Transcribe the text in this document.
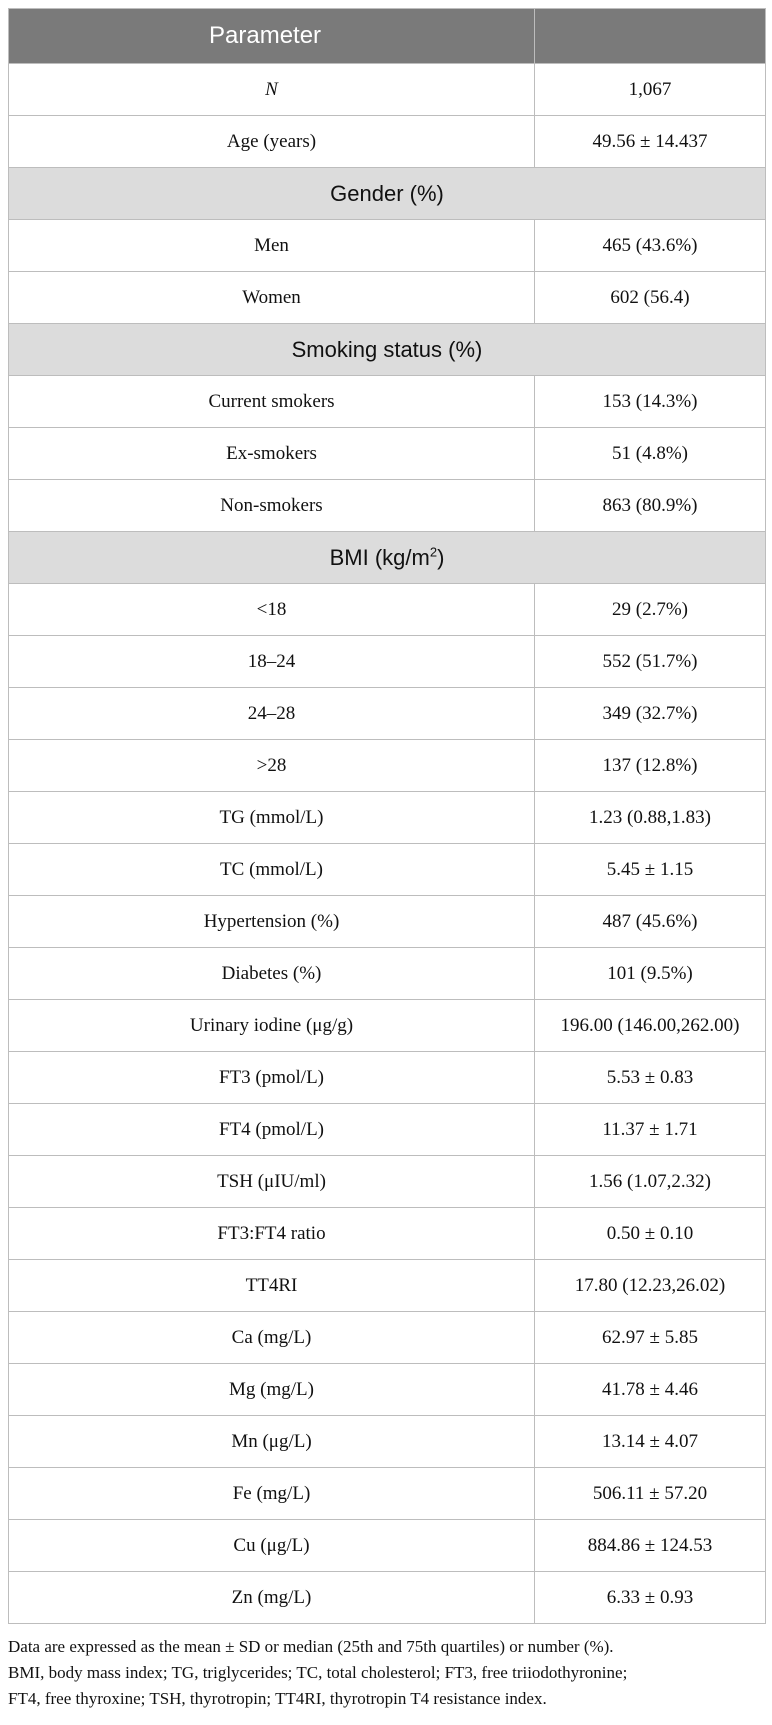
Parameter	
N	1,067
Age (years)	49.56 ± 14.437
Gender (%)	
Men	465 (43.6%)
Women	602 (56.4)
Smoking status (%)	
Current smokers	153 (14.3%)
Ex-smokers	51 (4.8%)
Non-smokers	863 (80.9%)
BMI $(kg/m^2)$	
<18	29 (2.7%)
18–24	552 (51.7%)
24–28	349 (32.7%)
>28	137 (12.8%)
TG (mmol/L)	1.23 (0.88,1.83)
TC (mmol/L)	5.45 ± 1.15
Hypertension (%)	487 (45.6%)
Diabetes (%)	101 (9.5%)
Urinary iodine (μg/g)	196.00 (146.00,262.00)
FT3 (pmol/L)	5.53 ± 0.83
FT4 (pmol/L)	11.37 ± 1.71
TSH (μIU/ml)	1.56 (1.07,2.32)
FT3:FT4 ratio	0.50 ± 0.10
TT4RI	17.80 (12.23,26.02)
Ca (mg/L)	62.97 ± 5.85
Mg (mg/L)	41.78 ± 4.46
Mn (μg/L)	13.14 ± 4.07
Fe (mg/L)	506.11 ± 57.20
Cu (μg/L)	884.86 ± 124.53
Zn (mg/L)	6.33 ± 0.93

Data are expressed as the mean ± SD or median (25th and 75th quartiles) or number (%).

BMI, body mass index; TG, triglycerides; TC, total cholesterol; FT3, free triiodothyronine;

FT4, free thyroxine; TSH, thyrotropin; TT4RI, thyrotropin T4 resistance index.
